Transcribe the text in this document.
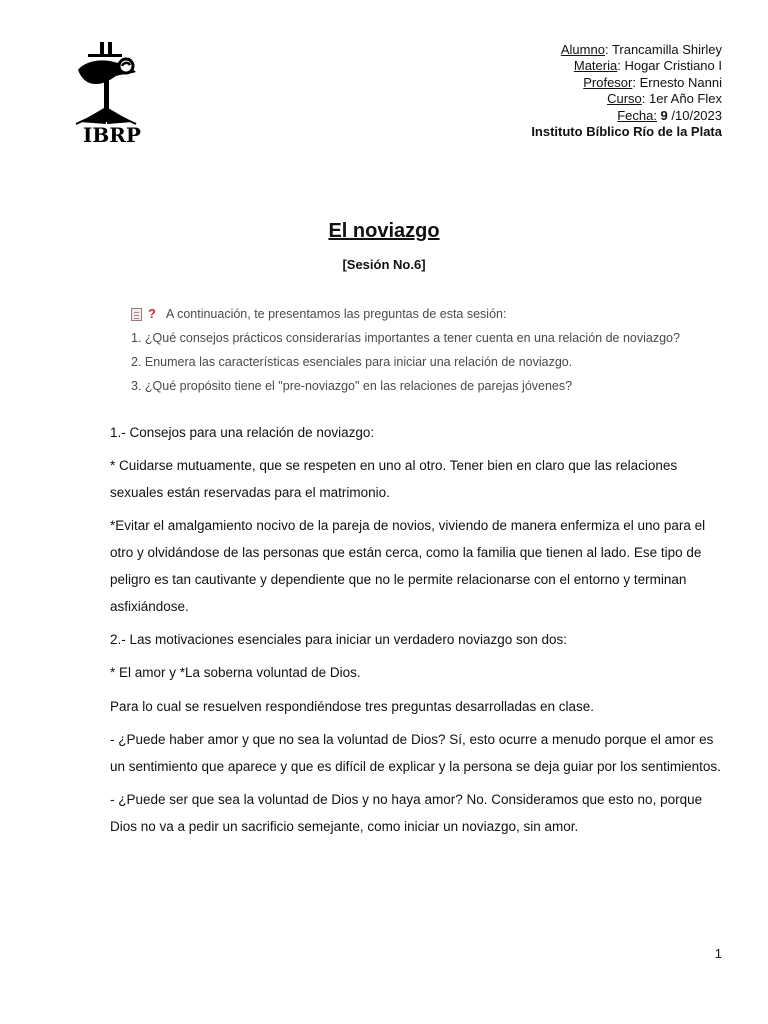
IBRP
Alumno: Trancamilla Shirley
Materia: Hogar Cristiano I
Profesor: Ernesto Nanni
Curso: 1er Año Flex
Fecha: 9 /10/2023
Instituto Bíblico Río de la Plata
El noviazgo
[Sesión No.6]
? A continuación, te presentamos las preguntas de esta sesión:
1. ¿Qué consejos prácticos considerarías importantes a tener cuenta en una relación de noviazgo?
2. Enumera las características esenciales para iniciar una relación de noviazgo.
3. ¿Qué propósito tiene el "pre-noviazgo" en las relaciones de parejas jóvenes?

1.- Consejos para una relación de noviazgo:

* Cuidarse mutuamente, que se respeten en uno al otro. Tener bien en claro que las relaciones sexuales están reservadas para el matrimonio.

*Evitar el amalgamiento nocivo de la pareja de novios, viviendo de manera enfermiza el uno para el otro y olvidándose de las personas que están cerca, como la familia que tienen al lado. Ese tipo de peligro es tan cautivante y dependiente que no le permite relacionarse con el entorno y terminan asfixiándose.

2.- Las motivaciones esenciales para iniciar un verdadero noviazgo son dos:

* El amor y *La soberna voluntad de Dios.

Para lo cual se resuelven respondiéndose tres preguntas desarrolladas en clase.

- ¿Puede haber amor y que no sea la voluntad de Dios? Sí, esto ocurre a menudo porque el amor es un sentimiento que aparece y que es difícil de explicar y la persona se deja guiar por los sentimientos.

- ¿Puede ser que sea la voluntad de Dios y no haya amor? No. Consideramos que esto no, porque Dios no va a pedir un sacrificio semejante, como iniciar un noviazgo, sin amor.

1
